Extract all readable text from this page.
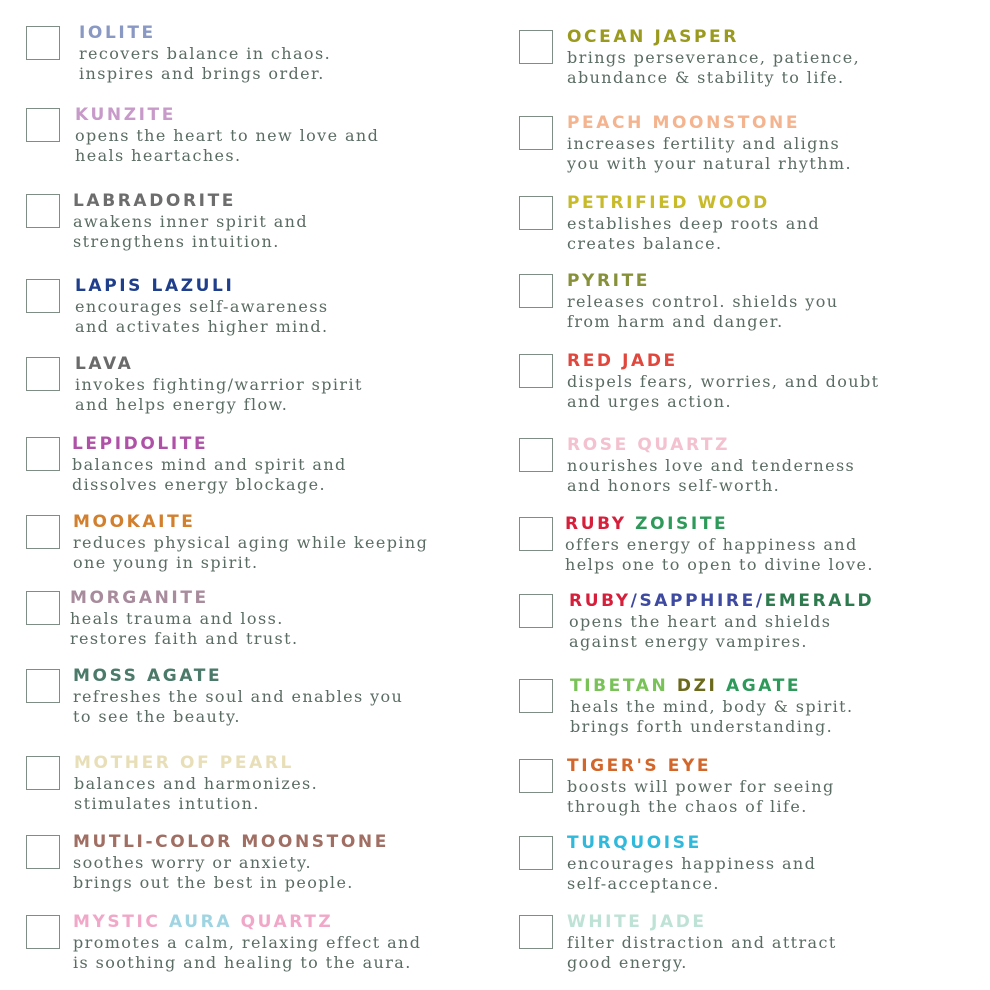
IOLITE
recovers balance in chaos.
inspires and brings order.
KUNZITE
opens the heart to new love and
heals heartaches.
LABRADORITE
awakens inner spirit and
strengthens intuition.
LAPIS LAZULI
encourages self-awareness
and activates higher mind.
LAVA
invokes fighting/warrior spirit
and helps energy flow.
LEPIDOLITE
balances mind and spirit and
dissolves energy blockage.
MOOKAITE
reduces physical aging while keeping
one young in spirit.
MORGANITE
heals trauma and loss.
restores faith and trust.
MOSS AGATE
refreshes the soul and enables you
to see the beauty.
MOTHER OF PEARL
balances and harmonizes.
stimulates intution.
MUTLI-COLOR MOONSTONE
soothes worry or anxiety.
brings out the best in people.
MYSTIC AURA QUARTZ
promotes a calm, relaxing effect and
is soothing and healing to the aura.
OCEAN JASPER
brings perseverance, patience,
abundance & stability to life.
PEACH MOONSTONE
increases fertility and aligns
you with your natural rhythm.
PETRIFIED WOOD
establishes deep roots and
creates balance.
PYRITE
releases control. shields you
from harm and danger.
RED JADE
dispels fears, worries, and doubt
and urges action.
ROSE QUARTZ
nourishes love and tenderness
and honors self-worth.
RUBY ZOISITE
offers energy of happiness and
helps one to open to divine love.
RUBY/SAPPHIRE/EMERALD
opens the heart and shields
against energy vampires.
TIBETAN DZI AGATE
heals the mind, body & spirit.
brings forth understanding.
TIGER'S EYE
boosts will power for seeing
through the chaos of life.
TURQUOISE
encourages happiness and
self-acceptance.
WHITE JADE
filter distraction and attract
good energy.
